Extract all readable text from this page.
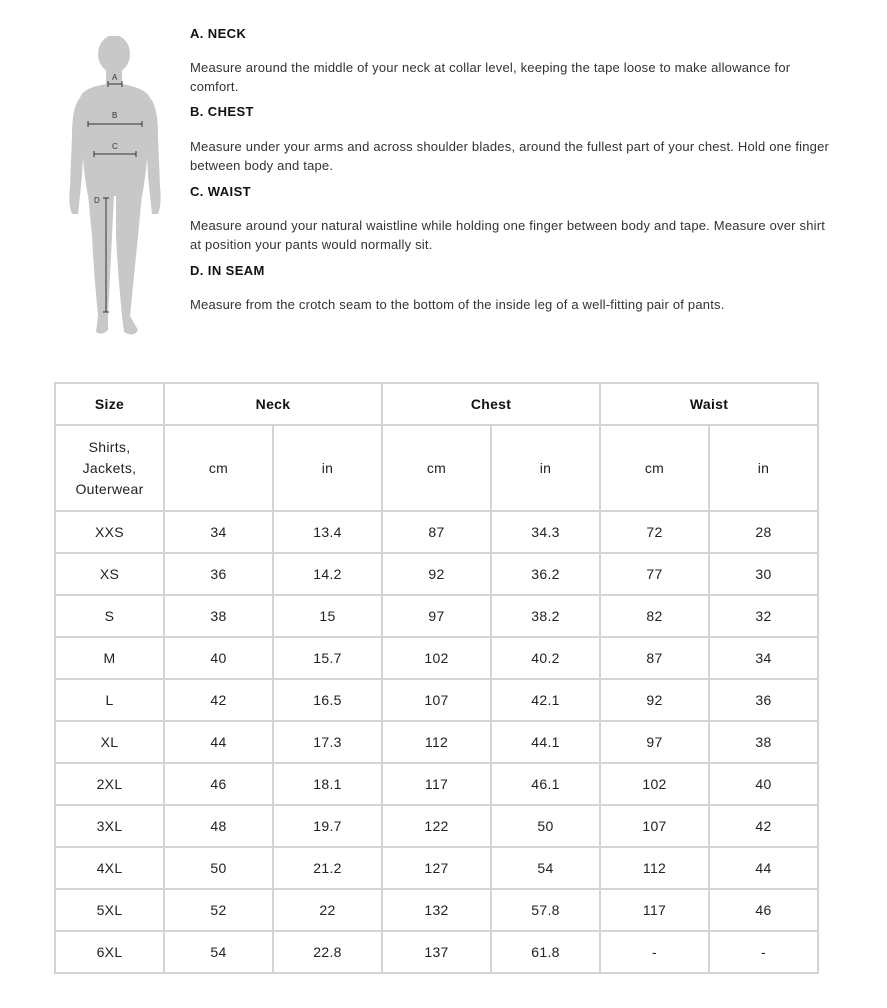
A
B
C
D
A. NECK

Measure around the middle of your neck at collar level, keeping the tape loose to make allowance for comfort.

B. CHEST

Measure under your arms and across shoulder blades, around the fullest part of your chest. Hold one finger between body and tape.

C. WAIST

Measure around your natural waistline while holding one finger between body and tape. Measure over shirt at position your pants would normally sit.

D. IN SEAM

Measure from the crotch seam to the bottom of the inside leg of a well-fitting pair of pants.

Size	Neck		Chest		Waist	

Shirts,
Jackets,
Outerwear	cm	in	cm	in	cm	in
XXS	34	13.4	87	34.3	72	28
XS	36	14.2	92	36.2	77	30
S	38	15	97	38.2	82	32
M	40	15.7	102	40.2	87	34
L	42	16.5	107	42.1	92	36
XL	44	17.3	112	44.1	97	38
2XL	46	18.1	117	46.1	102	40
3XL	48	19.7	122	50	107	42
4XL	50	21.2	127	54	112	44
5XL	52	22	132	57.8	117	46
6XL	54	22.8	137	61.8	-	-
